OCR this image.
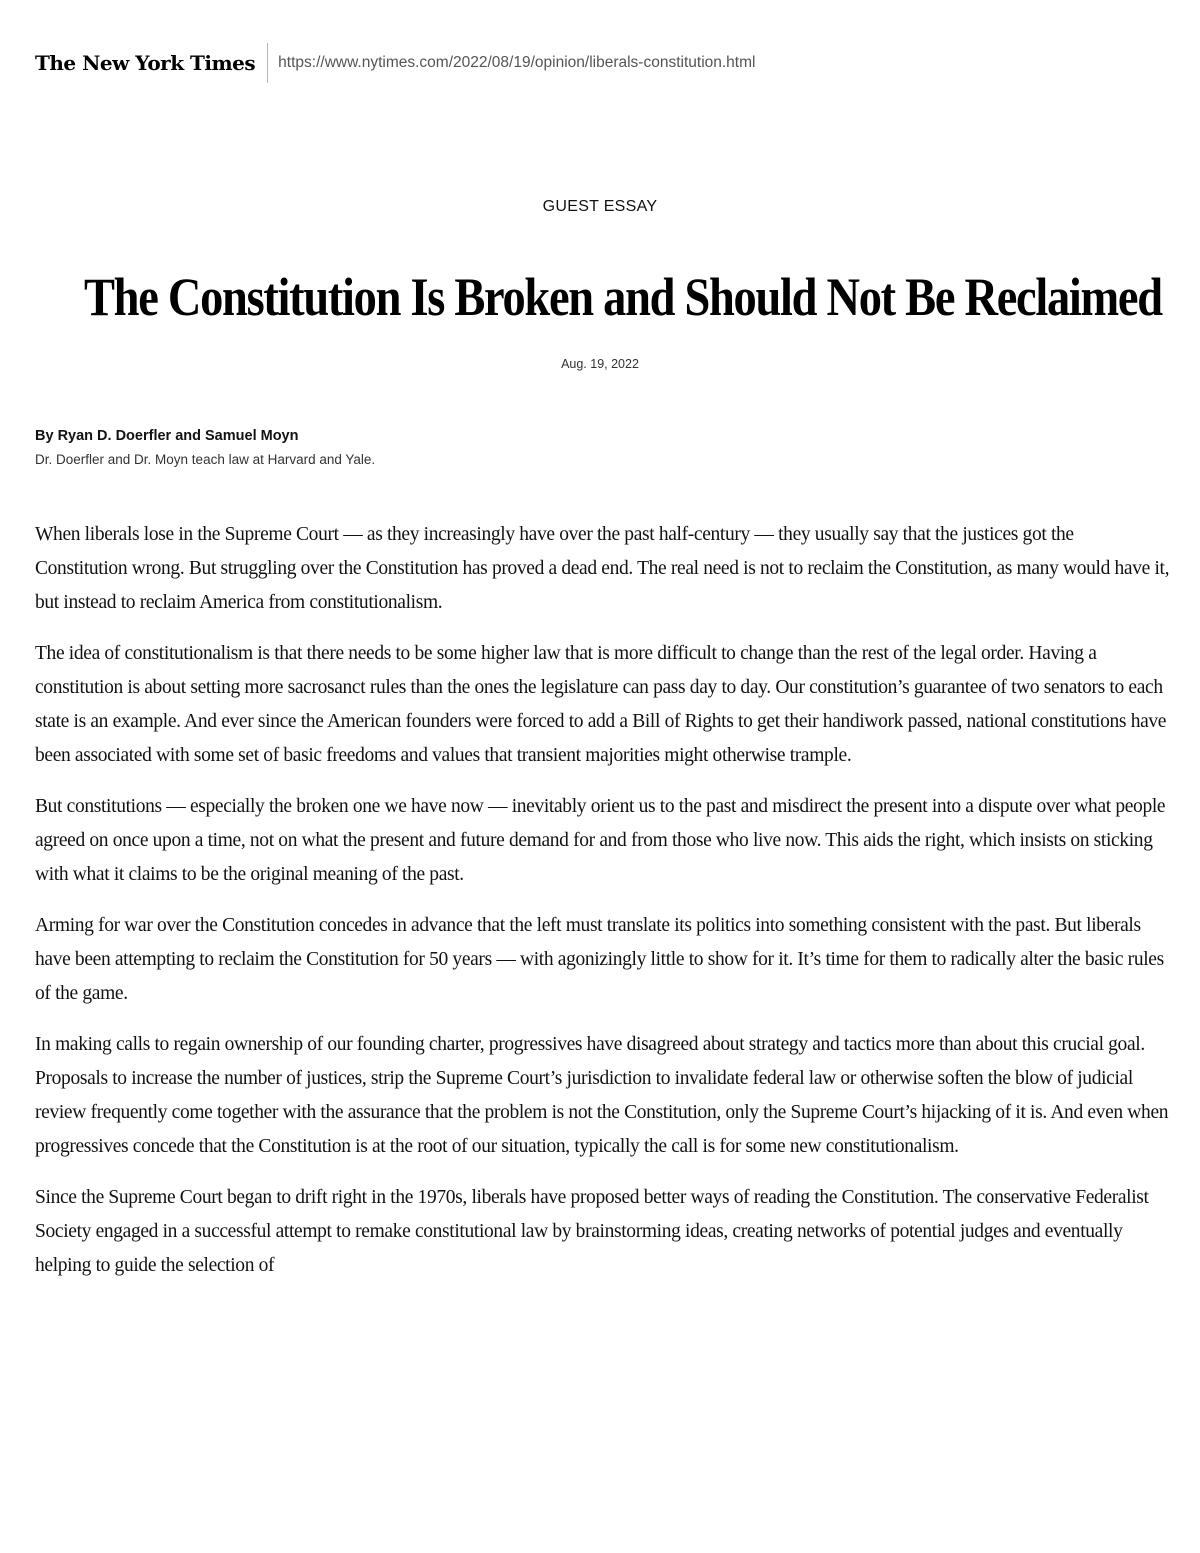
The New York Times https://www.nytimes.com/2022/08/19/opinion/liberals-constitution.html
GUEST ESSAY
The Constitution Is Broken and Should Not Be Reclaimed
Aug. 19, 2022
By Ryan D. Doerfler and Samuel Moyn
Dr. Doerfler and Dr. Moyn teach law at Harvard and Yale.

When liberals lose in the Supreme Court — as they increasingly have over the past half-century — they usually say that the justices got the Constitution wrong. But struggling over the Constitution has proved a dead end. The real need is not to reclaim the Constitution, as many would have it, but instead to reclaim America from constitutionalism.

The idea of constitutionalism is that there needs to be some higher law that is more difficult to change than the rest of the legal order. Having a constitution is about setting more sacrosanct rules than the ones the legislature can pass day to day. Our constitution’s guarantee of two senators to each state is an example. And ever since the American founders were forced to add a Bill of Rights to get their handiwork passed, national constitutions have been associated with some set of basic freedoms and values that transient majorities might otherwise trample.

But constitutions — especially the broken one we have now — inevitably orient us to the past and misdirect the present into a dispute over what people agreed on once upon a time, not on what the present and future demand for and from those who live now. This aids the right, which insists on sticking with what it claims to be the original meaning of the past.

Arming for war over the Constitution concedes in advance that the left must translate its politics into something consistent with the past. But liberals have been attempting to reclaim the Constitution for 50 years — with agonizingly little to show for it. It’s time for them to radically alter the basic rules of the game.

In making calls to regain ownership of our founding charter, progressives have disagreed about strategy and tactics more than about this crucial goal. Proposals to increase the number of justices, strip the Supreme Court’s jurisdiction to invalidate federal law or otherwise soften the blow of judicial review frequently come together with the assurance that the problem is not the Constitution, only the Supreme Court’s hijacking of it is. And even when progressives concede that the Constitution is at the root of our situation, typically the call is for some new constitutionalism.

Since the Supreme Court began to drift right in the 1970s, liberals have proposed better ways of reading the Constitution. The conservative Federalist Society engaged in a successful attempt to remake constitutional law by brainstorming ideas, creating networks of potential judges and eventually helping to guide the selection of
